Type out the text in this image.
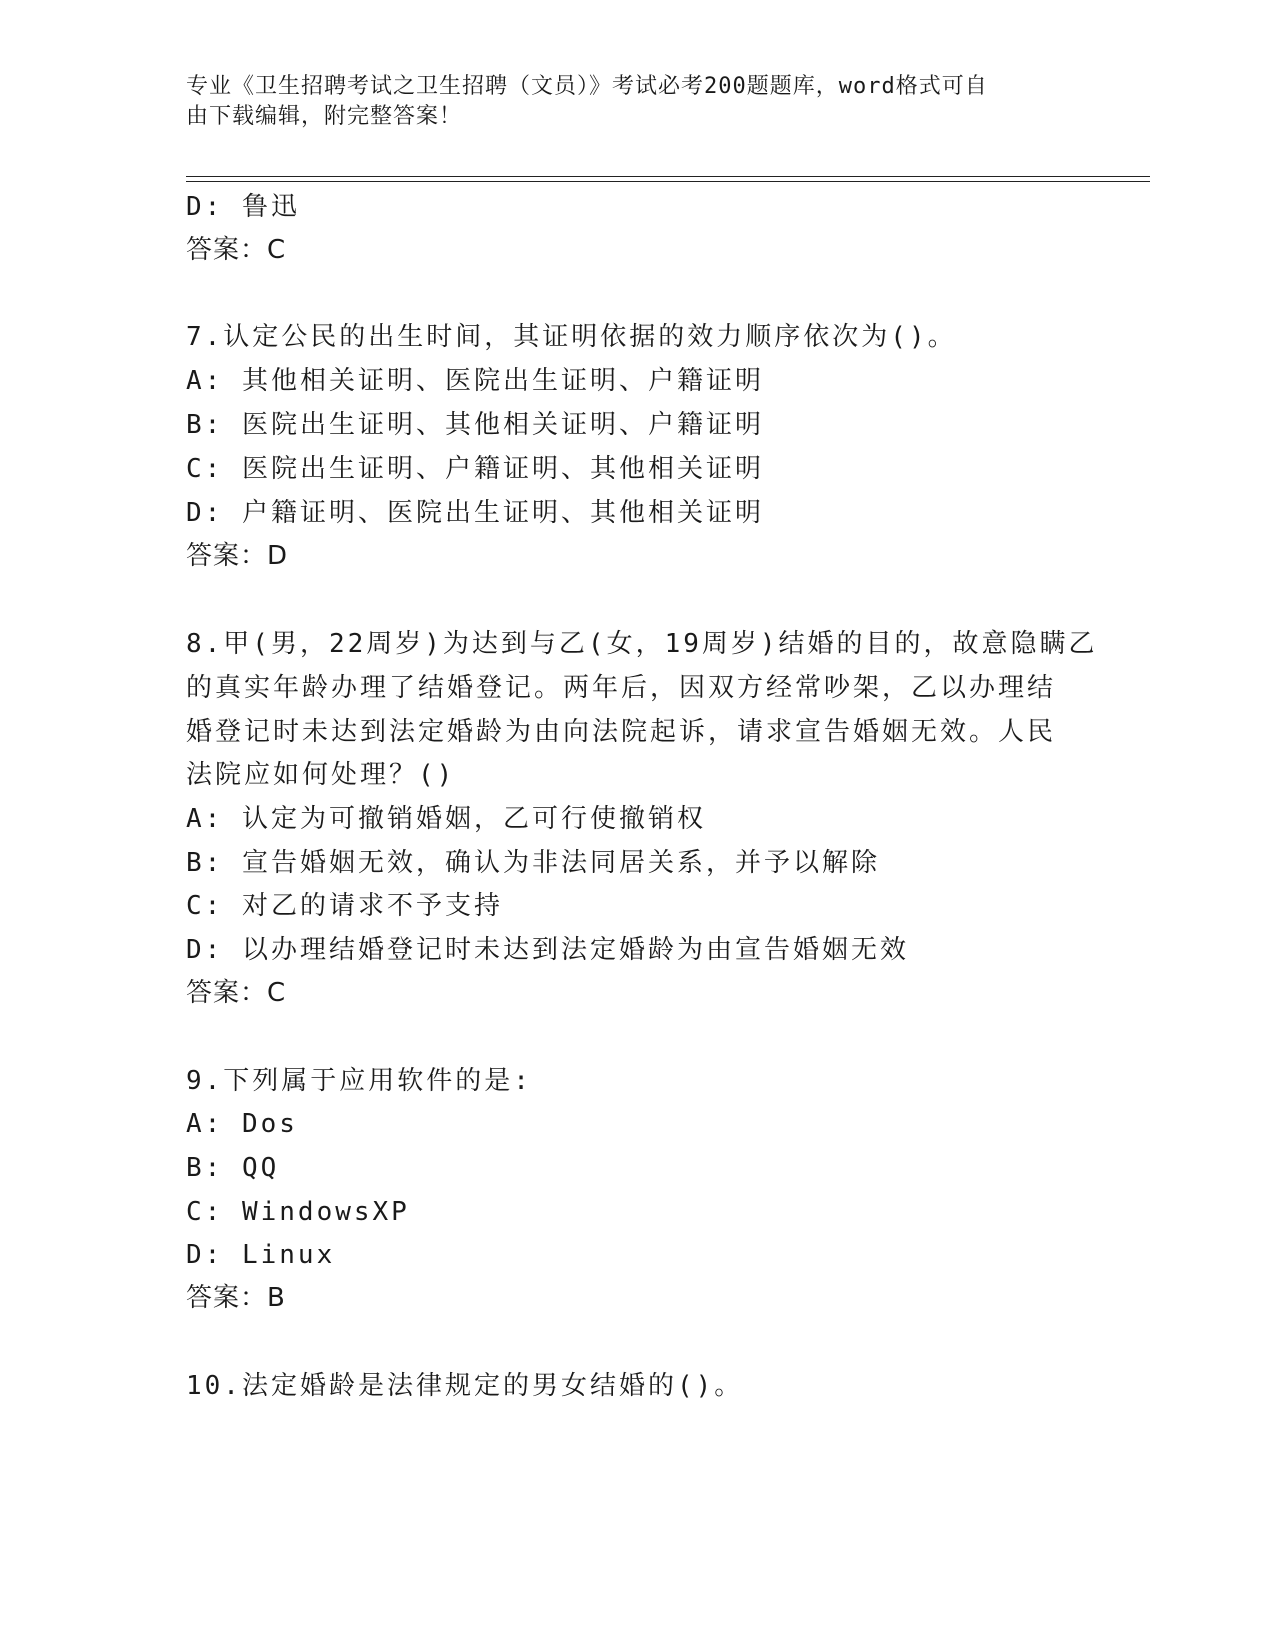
专业《卫生招聘考试之卫生招聘（文员）》考试必考200题题库，word格式可自
由下载编辑，附完整答案！
D: 鲁迅
答案：C
7.认定公民的出生时间，其证明依据的效力顺序依次为()。
A: 其他相关证明、医院出生证明、户籍证明
B: 医院出生证明、其他相关证明、户籍证明
C: 医院出生证明、户籍证明、其他相关证明
D: 户籍证明、医院出生证明、其他相关证明
答案：D
8.甲(男，22周岁)为达到与乙(女，19周岁)结婚的目的，故意隐瞒乙
的真实年龄办理了结婚登记。两年后，因双方经常吵架，乙以办理结
婚登记时未达到法定婚龄为由向法院起诉，请求宣告婚姻无效。人民
法院应如何处理？()
A: 认定为可撤销婚姻，乙可行使撤销权
B: 宣告婚姻无效，确认为非法同居关系，并予以解除
C: 对乙的请求不予支持
D: 以办理结婚登记时未达到法定婚龄为由宣告婚姻无效
答案：C
9.下列属于应用软件的是:
A: Dos
B: QQ
C: WindowsXP
D: Linux
答案：B
10.法定婚龄是法律规定的男女结婚的()。
